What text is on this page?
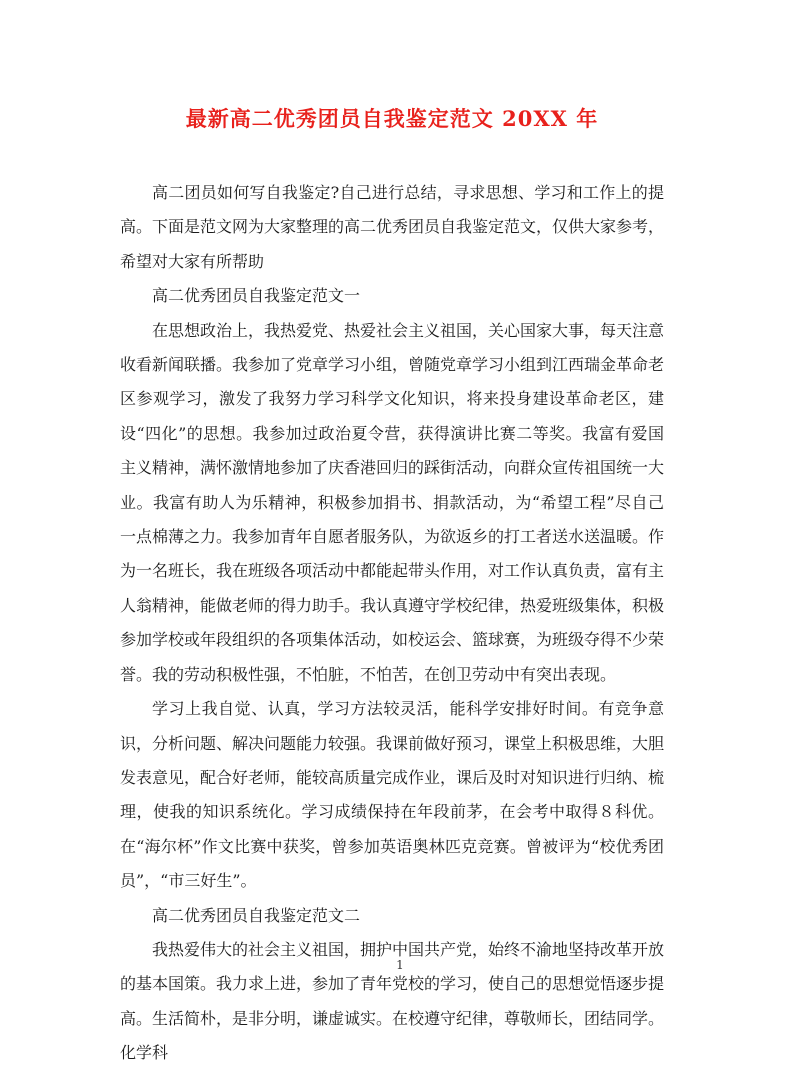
最新高二优秀团员自我鉴定范文 20XX 年

高二团员如何写自我鉴定?自己进行总结，寻求思想、学习和工作上的提高。下面是范文网为大家整理的高二优秀团员自我鉴定范文，仅供大家参考，希望对大家有所帮助

高二优秀团员自我鉴定范文一

在思想政治上，我热爱党、热爱社会主义祖国，关心国家大事，每天注意收看新闻联播。我参加了党章学习小组，曾随党章学习小组到江西瑞金革命老区参观学习，激发了我努力学习科学文化知识，将来投身建设革命老区，建设“四化”的思想。我参加过政治夏令营，获得演讲比赛二等奖。我富有爱国主义精神，满怀激情地参加了庆香港回归的踩街活动，向群众宣传祖国统一大业。我富有助人为乐精神，积极参加捐书、捐款活动，为“希望工程”尽自己一点棉薄之力。我参加青年自愿者服务队，为欲返乡的打工者送水送温暖。作为一名班长，我在班级各项活动中都能起带头作用，对工作认真负责，富有主人翁精神，能做老师的得力助手。我认真遵守学校纪律，热爱班级集体，积极参加学校或年段组织的各项集体活动，如校运会、篮球赛，为班级夺得不少荣誉。我的劳动积极性强，不怕脏，不怕苦，在创卫劳动中有突出表现。

学习上我自觉、认真，学习方法较灵活，能科学安排好时间。有竞争意识，分析问题、解决问题能力较强。我课前做好预习，课堂上积极思维，大胆发表意见，配合好老师，能较高质量完成作业，课后及时对知识进行归纳、梳理，使我的知识系统化。学习成绩保持在年段前茅，在会考中取得８科优。在“海尔杯”作文比赛中获奖，曾参加英语奥林匹克竞赛。曾被评为“校优秀团员”，“市三好生”。

高二优秀团员自我鉴定范文二

我热爱伟大的社会主义祖国，拥护中国共产党，始终不渝地坚持改革开放的基本国策。我力求上进，参加了青年党校的学习，使自己的思想觉悟逐步提高。生活简朴，是非分明，谦虚诚实。在校遵守纪律，尊敬师长，团结同学。化学科

1
